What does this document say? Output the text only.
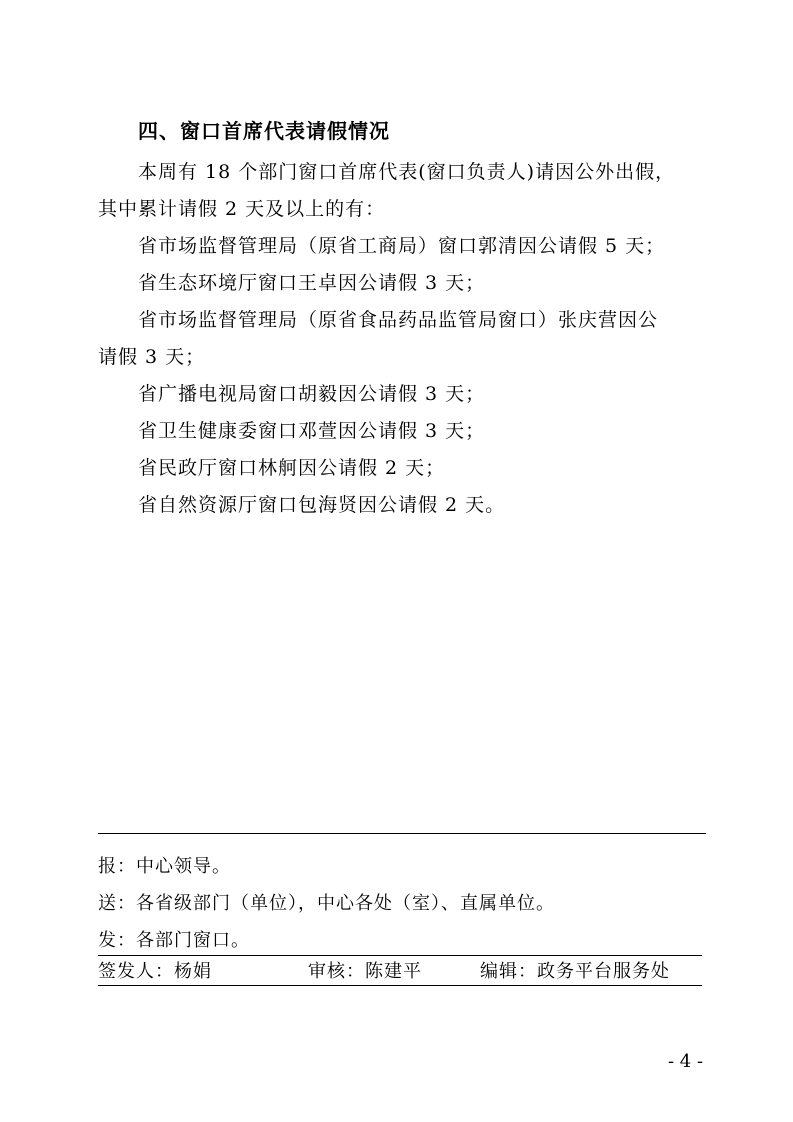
四、窗口首席代表请假情况
本周有 18 个部门窗口首席代表(窗口负责人)请因公外出假，
其中累计请假 2 天及以上的有：
省市场监督管理局（原省工商局）窗口郭清因公请假 5 天；
省生态环境厅窗口王卓因公请假 3 天；
省市场监督管理局（原省食品药品监管局窗口）张庆营因公
请假 3 天；
省广播电视局窗口胡毅因公请假 3 天；
省卫生健康委窗口邓萱因公请假 3 天；
省民政厅窗口林舸因公请假 2 天；
省自然资源厅窗口包海贤因公请假 2 天。
报：中心领导。
送：各省级部门（单位），中心各处（室）、直属单位。
发：各部门窗口。
签发人：杨娟	审核：陈建平	编辑：政务平台服务处
- 4 -
